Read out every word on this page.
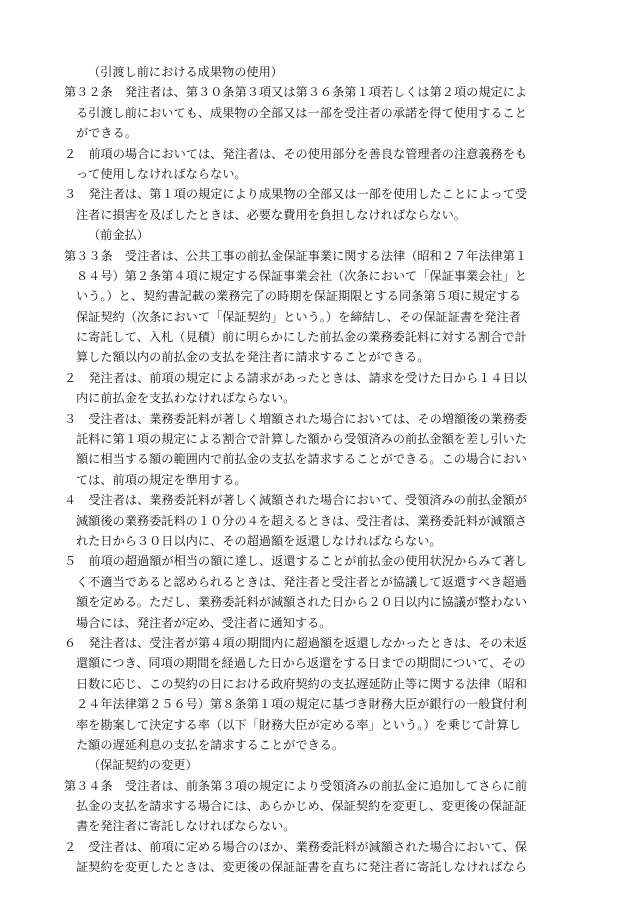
（引渡し前における成果物の使用）
第３２条　発注者は、第３０条第３項又は第３６条第１項若しくは第２項の規定によ
る引渡し前においても、成果物の全部又は一部を受注者の承諾を得て使用すること
ができる。
２　前項の場合においては、発注者は、その使用部分を善良な管理者の注意義務をも
って使用しなければならない。
３　発注者は、第１項の規定により成果物の全部又は一部を使用したことによって受
注者に損害を及ぼしたときは、必要な費用を負担しなければならない。
（前金払）
第３３条　受注者は、公共工事の前払金保証事業に関する法律（昭和２７年法律第１
８４号）第２条第４項に規定する保証事業会社（次条において「保証事業会社」と
いう。）と、契約書記載の業務完了の時期を保証期限とする同条第５項に規定する
保証契約（次条において「保証契約」という。）を締結し、その保証証書を発注者
に寄託して、入札（見積）前に明らかにした前払金の業務委託料に対する割合で計
算した額以内の前払金の支払を発注者に請求することができる。
２　発注者は、前項の規定による請求があったときは、請求を受けた日から１４日以
内に前払金を支払わなければならない。
３　受注者は、業務委託料が著しく増額された場合においては、その増額後の業務委
託料に第１項の規定による割合で計算した額から受領済みの前払金額を差し引いた
額に相当する額の範囲内で前払金の支払を請求することができる。この場合におい
ては、前項の規定を準用する。
４　受注者は、業務委託料が著しく減額された場合において、受領済みの前払金額が
減額後の業務委託料の１０分の４を超えるときは、受注者は、業務委託料が減額さ
れた日から３０日以内に、その超過額を返還しなければならない。
５　前項の超過額が相当の額に達し、返還することが前払金の使用状況からみて著し
く不適当であると認められるときは、発注者と受注者とが協議して返還すべき超過
額を定める。ただし、業務委託料が減額された日から２０日以内に協議が整わない
場合には、発注者が定め、受注者に通知する。
６　発注者は、受注者が第４項の期間内に超過額を返還しなかったときは、その未返
還額につき、同項の期間を経過した日から返還をする日までの期間について、その
日数に応じ、この契約の日における政府契約の支払遅延防止等に関する法律（昭和
２４年法律第２５６号）第８条第１項の規定に基づき財務大臣が銀行の一般貸付利
率を勘案して決定する率（以下「財務大臣が定める率」という。）を乗じて計算し
た額の遅延利息の支払を請求することができる。
（保証契約の変更）
第３４条　受注者は、前条第３項の規定により受領済みの前払金に追加してさらに前
払金の支払を請求する場合には、あらかじめ、保証契約を変更し、変更後の保証証
書を発注者に寄託しなければならない。
２　受注者は、前項に定める場合のほか、業務委託料が減額された場合において、保
証契約を変更したときは、変更後の保証証書を直ちに発注者に寄託しなければなら
